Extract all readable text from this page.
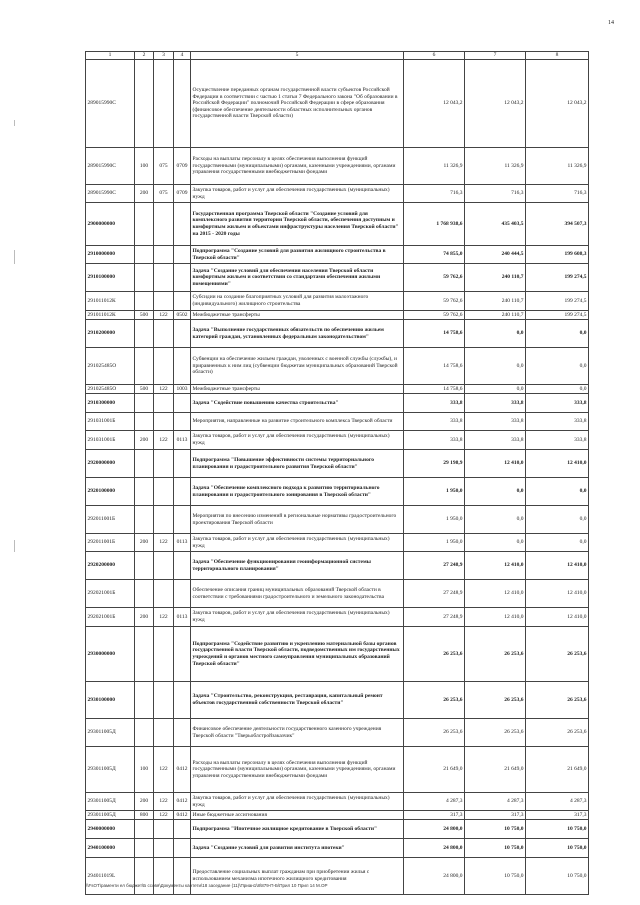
14
1	2	3	4	5	6	7	8
289015990С				Осуществление переданных органам государственной власти субъектов Российской Федерации в соответствии с частью 1 статьи 7 Федерального закона "Об образовании в Российской Федерации" полномочий Российской Федерации в сфере образования (финансовое обеспечение деятельности областных исполнительных органов государственной власти Тверской области)	12 043,2	12 043,2	12 043,2
289015990С	100	075	0709	Расходы на выплаты персоналу в целях обеспечения выполнения функций государственными (муниципальными) органами, казенными учреждениями, органами управления государственными внебюджетными фондами	11 326,9	11 326,9	11 326,9
289015990С	200	075	0709	Закупка товаров, работ и услуг для обеспечения государственных (муниципальных) нужд	716,3	716,3	716,3
2900000000				Государственная программа Тверской области "Создание условий для комплексного развития территории Тверской области, обеспечения доступным и комфортным жильем и объектами инфраструктуры населения Тверской области" на 2015 - 2020 годы	1 768 938,6	435 403,5	394 507,3
2910000000				Подпрограмма "Создание условий для развития жилищного строительства в Тверской области"	74 855,0	240 444,5	199 608,3
2910100000				Задача "Создание условий для обеспечения населения Тверской области комфортным жильем и соответствии со стандартами обеспечения жилыми помещениями"	59 762,6	240 110,7	199 274,5
291011012К				Субсидии на создание благоприятных условий для развития малоэтажного (индивидуального) жилищного строительства	59 762,6	240 110,7	199 274,5
291011012К	500	122	0502	Межбюджетные трансферты	59 762,6	240 110,7	199 274,5
2910200000				Задача "Выполнение государственных обязательств по обеспечению жильем категорий граждан, установленных федеральным законодательством"	14 758,6	0,0	0,0
291025485О				Субвенции на обеспечение жильем граждан, уволенных с военной службы (службы), и приравненных к ним лиц (субвенции бюджетам муниципальных образований Тверской области)	14 758,6	0,0	0,0
291025485О	500	122	1003	Межбюджетные трансферты	14 758,6	0,0	0,0
2910300000				Задача "Содействие повышению качества строительства"	333,8	333,8	333,8
291031001Б				Мероприятия, направленные на развитие строительного комплекса Тверской области	333,8	333,8	333,8
291031001Б	200	122	0113	Закупка товаров, работ и услуг для обеспечения государственных (муниципальных) нужд	333,8	333,8	333,8
2920000000				Подпрограмма "Повышение эффективности системы территориального планирования и градостроительного развития Тверской области"	29 198,9	12 410,0	12 410,0
2920100000				Задача "Обеспечение комплексного подхода к развитию территориального планирования и градостроительного зонирования в Тверской области"	1 950,0	0,0	0,0
292011001Б				Мероприятия по внесению изменений в региональные нормативы градостроительного проектирования Тверской области	1 950,0	0,0	0,0
292011001Б	200	122	0113	Закупка товаров, работ и услуг для обеспечения государственных (муниципальных) нужд	1 950,0	0,0	0,0
2920200000				Задача "Обеспечение функционирования геоинформационной системы территориального планирования"	27 248,9	12 410,0	12 410,0
292021001Б				Обеспечение описания границ муниципальных образований Тверской области в соответствии с требованиями градостроительного и земельного законодательства	27 248,9	12 410,0	12 410,0
292021001Б	200	122	0113	Закупка товаров, работ и услуг для обеспечения государственных (муниципальных) нужд	27 248,9	12 410,0	12 410,0
2930000000				Подпрограмма "Содействие развитию и укреплению материальной базы органов государственной власти Тверской области, подведомственных им государственных учреждений и органов местного самоуправления муниципальных образований Тверской области"	26 253,6	26 253,6	26 253,6
2930100000				Задача "Строительство, реконструкция, реставрация, капитальный ремонт объектов государственной собственности Тверской области"	26 253,6	26 253,6	26 253,6
293011005Д				Финансовое обеспечение деятельности государственного казенного учреждения Тверской области "Тверьоблстройзаказчик"	26 253,6	26 253,6	26 253,6
293011005Д	100	122	0412	Расходы на выплаты персоналу в целях обеспечения выполнения функций государственными (муниципальными) органами, казенными учреждениями, органами управления государственными внебюджетными фондами	21 649,0	21 649,0	21 649,0
293011005Д	200	122	0412	Закупка товаров, работ и услуг для обеспечения государственных (муниципальных) нужд	4 287,3	4 287,3	4 287,3
293011005Д	800	122	0412	Иные бюджетные ассигнования	317,3	317,3	317,3
2940000000				Подпрограмма "Ипотечное жилищное кредитование в Тверской области"	24 800,0	10 750,0	10 750,0
2940100000				Задача "Создание условий для развития института ипотеки"	24 800,0	10 750,0	10 750,0
294011019L				Предоставление социальных выплат гражданам при приобретении жилья с использованием механизма ипотечного жилищного кредитования	24 800,0	10 750,0	10 750,0
\\FsOT\раменти ел бюджет\Б ссовя\Документы кантети\18 заседание (11)\Приан1\8\879-П-Б\Прил 10 Прил 14 М.ОР
